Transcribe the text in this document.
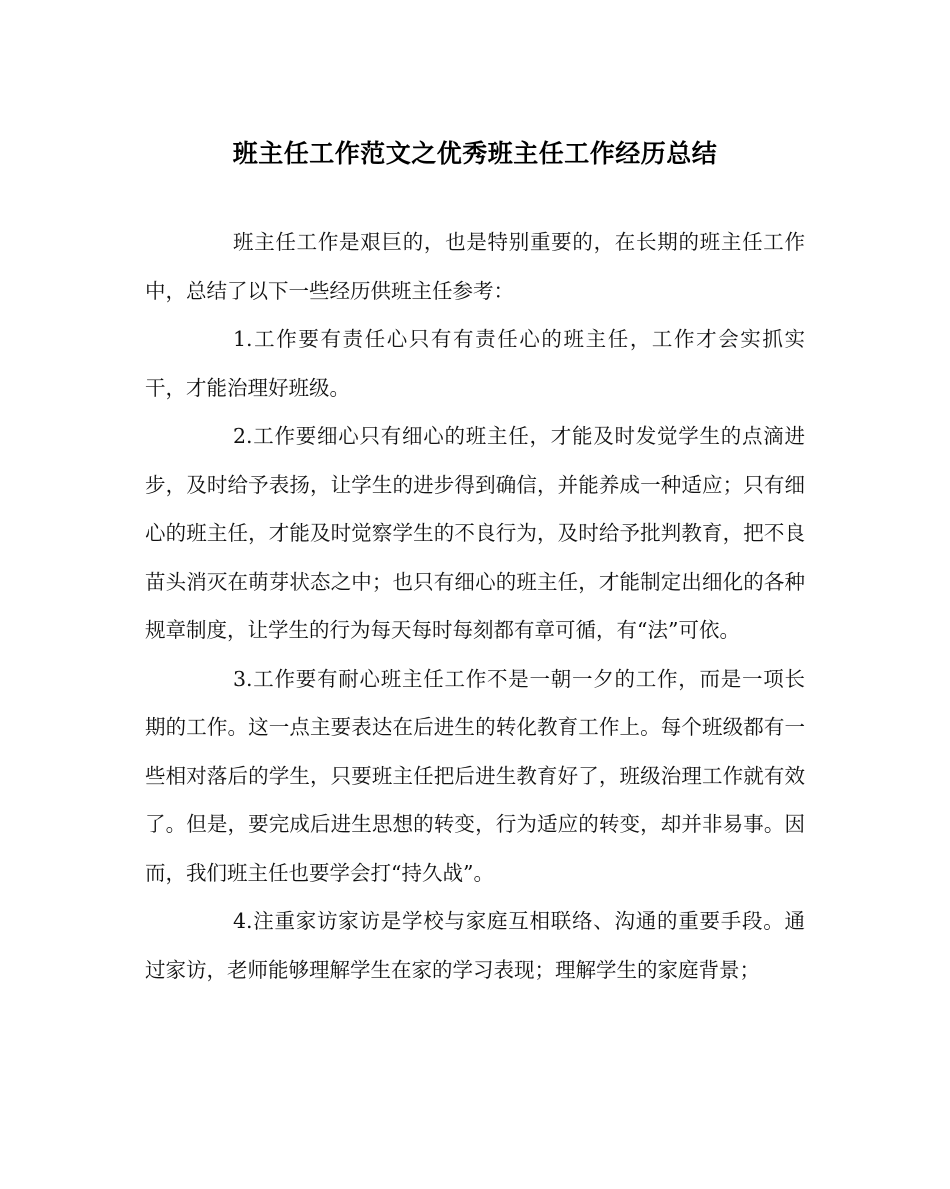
班主任工作范文之优秀班主任工作经历总结

班主任工作是艰巨的，也是特别重要的，在长期的班主任工作中，总结了以下一些经历供班主任参考：

1.工作要有责任心只有有责任心的班主任，工作才会实抓实干，才能治理好班级。

2.工作要细心只有细心的班主任，才能及时发觉学生的点滴进步，及时给予表扬，让学生的进步得到确信，并能养成一种适应；只有细心的班主任，才能及时觉察学生的不良行为，及时给予批判教育，把不良苗头消灭在萌芽状态之中；也只有细心的班主任，才能制定出细化的各种规章制度，让学生的行为每天每时每刻都有章可循，有“法”可依。

3.工作要有耐心班主任工作不是一朝一夕的工作，而是一项长期的工作。这一点主要表达在后进生的转化教育工作上。每个班级都有一些相对落后的学生，只要班主任把后进生教育好了，班级治理工作就有效了。但是，要完成后进生思想的转变，行为适应的转变，却并非易事。因而，我们班主任也要学会打“持久战”。

4.注重家访家访是学校与家庭互相联络、沟通的重要手段。通过家访，老师能够理解学生在家的学习表现；理解学生的家庭背景；
